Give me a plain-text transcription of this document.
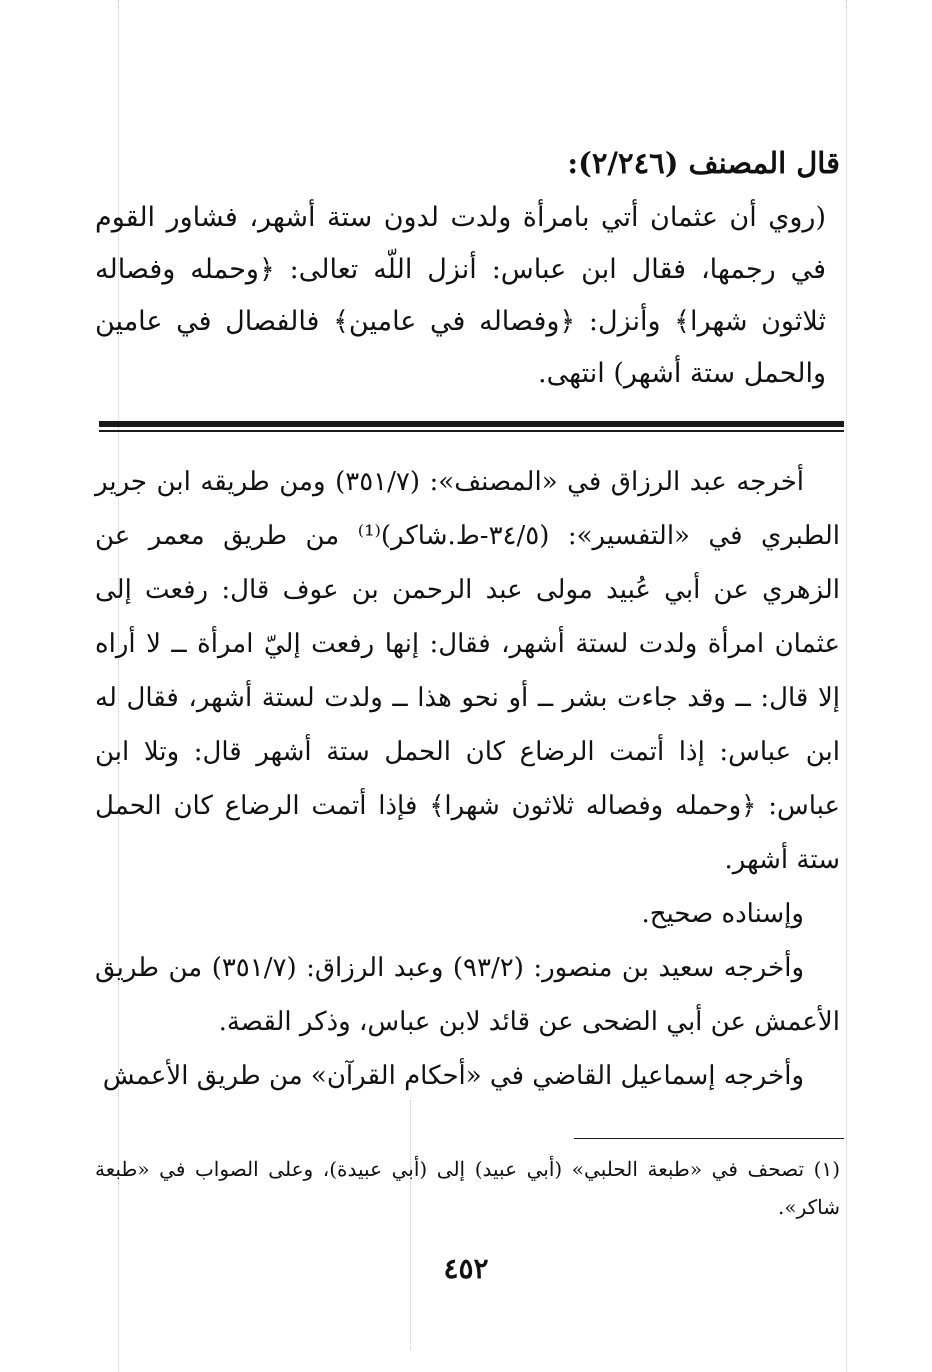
قال المصنف (٢/٢٤٦):
(روي أن عثمان أتي بامرأة ولدت لدون ستة أشهر، فشاور القوم في رجمها، فقال ابن عباس: أنزل اللّه تعالى: ﴿وحمله وفصاله ثلاثون شهرا﴾ وأنزل: ﴿وفصاله في عامين﴾ فالفصال في عامين والحمل ستة أشهر) انتهى.

أخرجه عبد الرزاق في «المصنف»: (٣٥١/٧) ومن طريقه ابن جرير الطبري في «التفسير»: (٣٤/٥-ط.شاكر)⁽¹⁾ من طريق معمر عن الزهري عن أبي عُبيد مولى عبد الرحمن بن عوف قال: رفعت إلى عثمان امرأة ولدت لستة أشهر، فقال: إنها رفعت إليّ امرأة ــ لا أراه إلا قال: ــ وقد جاءت بشر ــ أو نحو هذا ــ ولدت لستة أشهر، فقال له ابن عباس: إذا أتمت الرضاع كان الحمل ستة أشهر قال: وتلا ابن عباس: ﴿وحمله وفصاله ثلاثون شهرا﴾ فإذا أتمت الرضاع كان الحمل ستة أشهر.

وإسناده صحيح.

وأخرجه سعيد بن منصور: (٩٣/٢) وعبد الرزاق: (٣٥١/٧) من طريق الأعمش عن أبي الضحى عن قائد لابن عباس، وذكر القصة.

وأخرجه إسماعيل القاضي في «أحكام القرآن» من طريق الأعمش

(١) تصحف في «طبعة الحلبي» (أبي عبيد) إلى (أبي عبيدة)، وعلى الصواب في «طبعة شاكر».
٤٥٢
